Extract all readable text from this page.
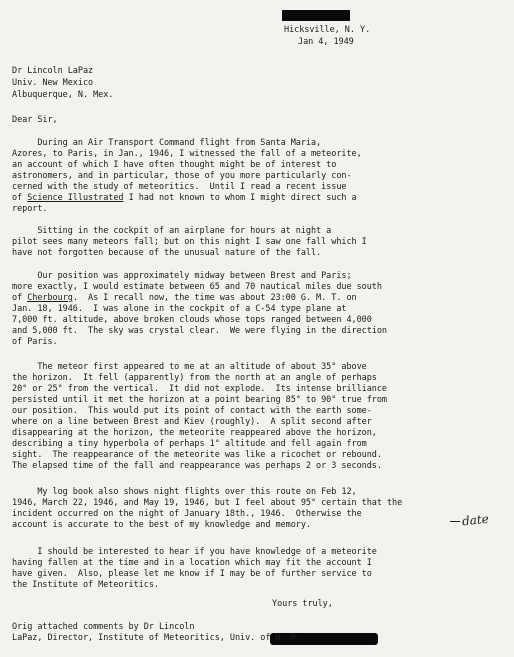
Hicksville, N. Y.
Jan 4, 1949
Dr Lincoln LaPaz
Univ. New Mexico
Albuquerque, N. Mex.
Dear Sir,
During an Air Transport Command flight from Santa Maria,
Azores, to Paris, in Jan., 1946, I witnessed the fall of a meteorite,
an account of which I have often thought might be of interest to
astronomers, and in particular, those of you more particularly con-
cerned with the study of meteoritics.  Until I read a recent issue
of Science Illustrated I had not known to whom I might direct such a
report.
Sitting in the cockpit of an airplane for hours at night a
pilot sees many meteors fall; but on this night I saw one fall which I
have not forgotten because of the unusual nature of the fall.
Our position was approximately midway between Brest and Paris;
more exactly, I would estimate between 65 and 70 nautical miles due south
of Cherbourg.  As I recall now, the time was about 23:00 G. M. T. on
Jan. 18, 1946.  I was alone in the cockpit of a C-54 type plane at
7,000 ft. altitude, above broken clouds whose tops ranged between 4,000
and 5,000 ft.  The sky was crystal clear.  We were flying in the direction
of Paris.
The meteor first appeared to me at an altitude of about 35° above
the horizon.  It fell (apparently) from the north at an angle of perhaps
20° or 25° from the vertical.  It did not explode.  Its intense brilliance
persisted until it met the horizon at a point bearing 85° to 90° true from
our position.  This would put its point of contact with the earth some-
where on a line between Brest and Kiev (roughly).  A split second after
disappearing at the horizon, the meteorite reappeared above the horizon,
describing a tiny hyperbola of perhaps 1° altitude and fell again from
sight.  The reappearance of the meteorite was like a ricochet or rebound.
The elapsed time of the fall and reappearance was perhaps 2 or 3 seconds.
My log book also shows night flights over this route on Feb 12,
1946, March 22, 1946, and May 19, 1946, but I feel about 95° certain that the
incident occurred on the night of January 18th., 1946.  Otherwise the
account is accurate to the best of my knowledge and memory.	date
I should be interested to hear if you have knowledge of a meteorite
having fallen at the time and in a location which may fit the account I
have given.  Also, please let me know if I may be of further service to
the Institute of Meteoritics.
Yours truly,
Orig attached comments by Dr Lincoln
LaPaz, Director, Institute of Meteoritics, Univ. of N. M.
